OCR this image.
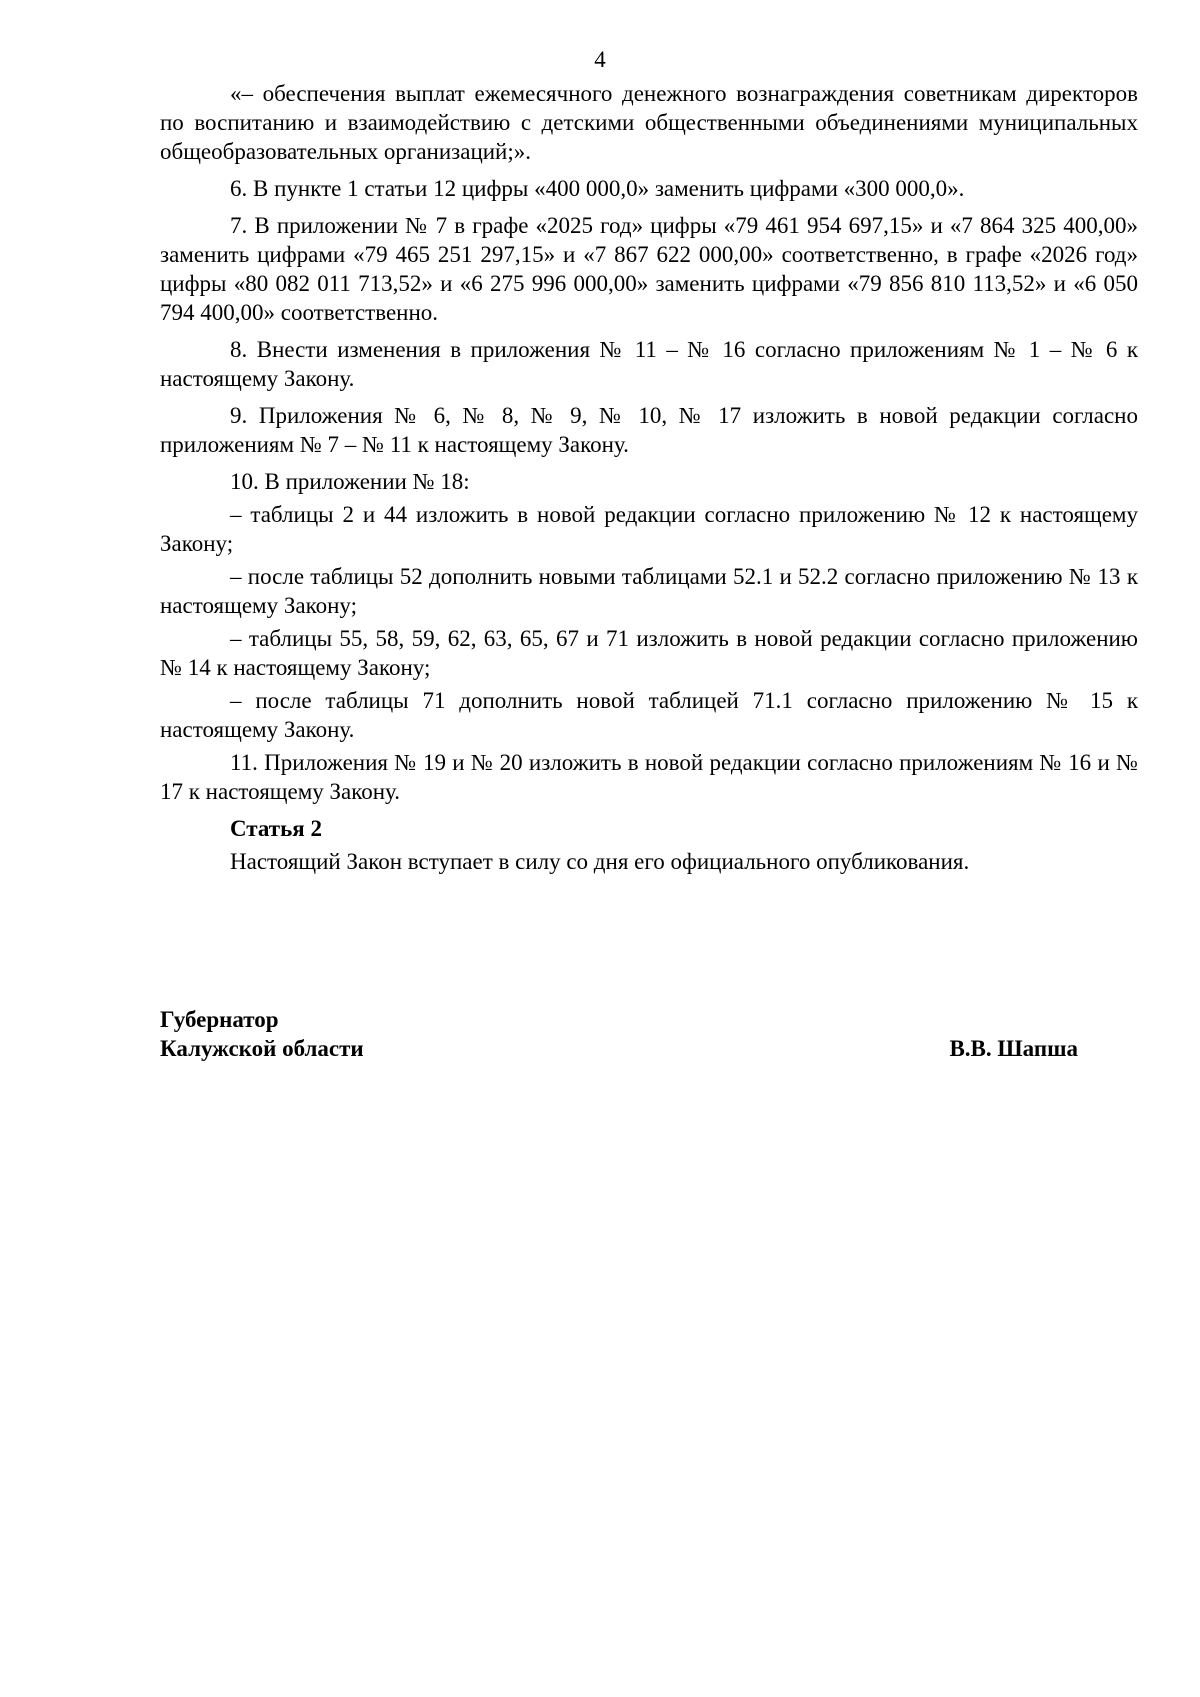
4

«– обеспечения выплат ежемесячного денежного вознаграждения советникам директоров по воспитанию и взаимодействию с детскими общественными объединениями муниципальных общеобразовательных организаций;».

6. В пункте 1 статьи 12 цифры «400 000,0» заменить цифрами «300 000,0».

7. В приложении № 7 в графе «2025 год» цифры «79 461 954 697,15» и «7 864 325 400,00» заменить цифрами «79 465 251 297,15» и «7 867 622 000,00» соответственно, в графе «2026 год» цифры «80 082 011 713,52» и «6 275 996 000,00» заменить цифрами «79 856 810 113,52» и «6 050 794 400,00» соответственно.

8. Внести изменения в приложения № 11 – № 16 согласно приложениям № 1 – № 6 к настоящему Закону.

9. Приложения № 6, № 8, № 9, № 10, № 17 изложить в новой редакции согласно приложениям № 7 – № 11 к настоящему Закону.

10. В приложении № 18:

– таблицы 2 и 44 изложить в новой редакции согласно приложению № 12 к настоящему Закону;

– после таблицы 52 дополнить новыми таблицами 52.1 и 52.2 согласно приложению № 13 к настоящему Закону;

– таблицы 55, 58, 59, 62, 63, 65, 67 и 71 изложить в новой редакции согласно приложению № 14 к настоящему Закону;

– после таблицы 71 дополнить новой таблицей 71.1 согласно приложению № 15 к настоящему Закону.

11. Приложения № 19 и № 20 изложить в новой редакции согласно приложениям № 16 и № 17 к настоящему Закону.

Статья 2

Настоящий Закон вступает в силу со дня его официального опубликования.

Губернатор
Калужской области	В.В. Шапша
